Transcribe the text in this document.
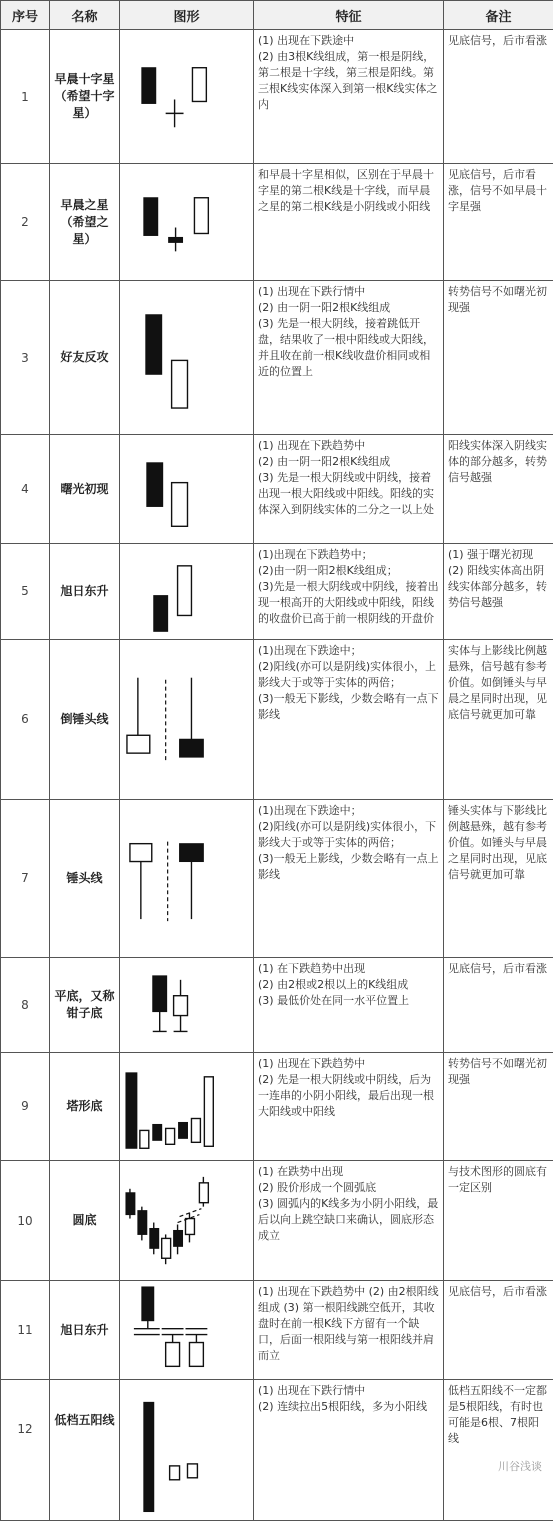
序号	名称	图形	特征	备注
1	早晨十字星（希望十字星）		(1) 出现在下跌途中
(2) 由3根K线组成，第一根是阴线，第二根是十字线，第三根是阳线。第三根K线实体深入到第一根K线实体之内	见底信号，后市看涨
2	早晨之星（希望之星）		和早晨十字星相似，区别在于早晨十字星的第二根K线是十字线，而早晨之星的第二根K线是小阴线或小阳线	见底信号，后市看涨，信号不如早晨十字星强
3	好友反攻		(1) 出现在下跌行情中
(2) 由一阴一阳2根K线组成
(3) 先是一根大阴线，接着跳低开盘，结果收了一根中阳线或大阳线，并且收在前一根K线收盘价相同或相近的位置上	转势信号不如曙光初现强
4	曙光初现		(1) 出现在下跌趋势中
(2) 由一阴一阳2根K线组成
(3) 先是一根大阴线或中阴线，接着出现一根大阳线或中阳线。阳线的实体深入到阴线实体的二分之一以上处	阳线实体深入阴线实体的部分越多，转势信号越强
5	旭日东升		(1)出现在下跌趋势中；
(2)由一阴一阳2根K线组成；
(3)先是一根大阴线或中阴线，接着出现一根高开的大阳线或中阳线，阳线的收盘价已高于前一根阴线的开盘价	(1) 强于曙光初现 (2) 阳线实体高出阴线实体部分越多，转势信号越强
6	倒锤头线		(1)出现在下跌途中；
(2)阳线(亦可以是阴线)实体很小，上影线大于或等于实体的两倍；
(3)一般无下影线，少数会略有一点下影线	实体与上影线比例越悬殊，信号越有参考价值。如倒锤头与早晨之星同时出现，见底信号就更加可靠
7	锤头线		(1)出现在下跌途中；
(2)阳线(亦可以是阴线)实体很小，下影线大于或等于实体的两倍；
(3)一般无上影线，少数会略有一点上影线	锤头实体与下影线比例越悬殊，越有参考价值。如锤头与早晨之星同时出现，见底信号就更加可靠
8	平底，又称钳子底		(1) 在下跌趋势中出现
(2) 由2根或2根以上的K线组成
(3) 最低价处在同一水平位置上	见底信号，后市看涨
9	塔形底		(1) 出现在下跌趋势中
(2) 先是一根大阴线或中阴线，后为一连串的小阴小阳线，最后出现一根大阳线或中阳线	转势信号不如曙光初现强
10	圆底		(1) 在跌势中出现
(2) 股价形成一个圆弧底
(3) 圆弧内的K线多为小阴小阳线，最后以向上跳空缺口来确认，圆底形态成立	与技术图形的圆底有一定区别
11	旭日东升		(1) 出现在下跌趋势中 (2) 由2根阳线组成 (3) 第一根阳线跳空低开，其收盘时在前一根K线下方留有一个缺口，后面一根阳线与第一根阳线并肩而立	见底信号，后市看涨
12	低档五阳线		(1) 出现在下跌行情中
(2) 连续拉出5根阳线，多为小阳线	低档五阳线不一定都是5根阳线，有时也可能是6根、7根阳线
川谷浅谈
